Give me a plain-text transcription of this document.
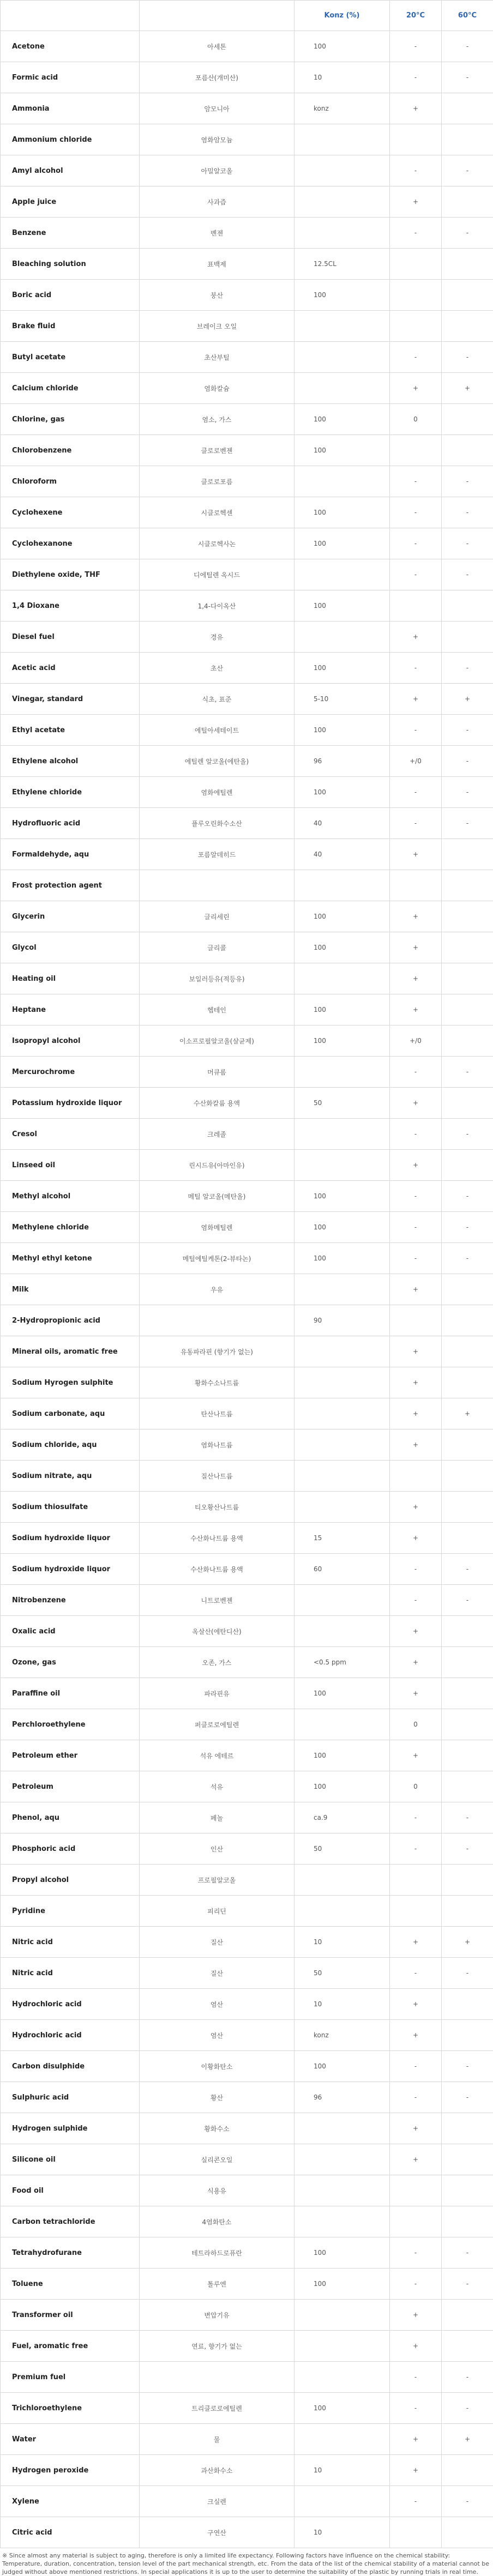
		Konz (%)	20°C	60°C
Acetone	아세톤	100	-	-
Formic acid	포름산(개미산)	10	-	-
Ammonia	암모니아	konz	+	
Ammonium chloride	염화암모늄			
Amyl alcohol	아밀알코올		-	-
Apple juice	사과즙		+	
Benzene	벤젠		-	-
Bleaching solution	표백제	12.5CL		
Boric acid	붕산	100		
Brake fluid	브레이크 오일			
Butyl acetate	초산부틸		-	-
Calcium chloride	염화칼슘		+	+
Chlorine, gas	염소, 가스	100	0	
Chlorobenzene	클로로벤젠	100		
Chloroform	클로로포름		-	-
Cyclohexene	시클로헥센	100	-	-
Cyclohexanone	시클로헥사논	100	-	-
Diethylene oxide, THF	디에틸렌 옥시드		-	-
1,4 Dioxane	1,4-다이옥산	100		
Diesel fuel	경유		+	
Acetic acid	초산	100	-	-
Vinegar, standard	식초, 표준	5-10	+	+
Ethyl acetate	에틸아세테이트	100	-	-
Ethylene alcohol	에틸렌 알코올(에탄올)	96	+/0	-
Ethylene chloride	염화에틸렌	100	-	-
Hydrofluoric acid	플루오린화수소산	40	-	-
Formaldehyde, aqu	포름알데히드	40	+	
Frost protection agent				
Glycerin	글리세린	100	+	
Glycol	글리콜	100	+	
Heating oil	보일러등유(적등유)		+	
Heptane	헵테인	100	+	
Isopropyl alcohol	이소프로필알코올(살균제)	100	+/0	
Mercurochrome	머큐롬		-	-
Potassium hydroxide liquor	수산화칼륨 용액	50	+	
Cresol	크레졸		-	-
Linseed oil	린시드유(아마인유)		+	
Methyl alcohol	메틸 알코올(메탄올)	100	-	-
Methylene chloride	염화메틸렌	100	-	-
Methyl ethyl ketone	메틸에틸케톤(2-뷰타논)	100	-	-
Milk	우유		+	
2-Hydropropionic acid		90		
Mineral oils, aromatic free	유동파라핀 (향기가 없는)		+	
Sodium Hyrogen sulphite	황화수소나트륨		+	
Sodium carbonate, aqu	탄산나트륨		+	+
Sodium chloride, aqu	염화나트륨		+	
Sodium nitrate, aqu	질산나트륨			
Sodium thiosulfate	티오황산나트륨		+	
Sodium hydroxide liquor	수산화나트륨 용액	15	+	
Sodium hydroxide liquor	수산화나트륨 용액	60	-	-
Nitrobenzene	니트로벤젠		-	-
Oxalic acid	옥살산(에탄디산)		+	
Ozone, gas	오존, 가스	<0.5 ppm	+	
Paraffine oil	파라핀유	100	+	
Perchloroethylene	퍼클로로에틸렌		0	
Petroleum ether	석유 에테르	100	+	
Petroleum	석유	100	0	
Phenol, aqu	페놀	ca.9	-	-
Phosphoric acid	인산	50	-	-
Propyl alcohol	프로필알코올			
Pyridine	피리딘			
Nitric acid	질산	10	+	+
Nitric acid	질산	50	-	-
Hydrochloric acid	염산	10	+	
Hydrochloric acid	염산	konz	+	
Carbon disulphide	이황화탄소	100	-	-
Sulphuric acid	황산	96	-	-
Hydrogen sulphide	황화수소		+	
Silicone oil	실리콘오일		+	
Food oil	식용유			
Carbon tetrachloride	4염화탄소			
Tetrahydrofurane	테트라하드로퓨란	100	-	-
Toluene	톨루엔	100	-	-
Transformer oil	변압기유		+	
Fuel, aromatic free	연료, 향기가 없는		+	
Premium fuel			-	-
Trichloroethylene	트리클로로에틸렌	100	-	-
Water	물		+	+
Hydrogen peroxide	과산화수소	10	+	
Xylene	크실렌		-	-
Citric acid	구연산	10		
※ Since almost any material is subject to aging, therefore is only a limited life expectancy. Following factors have influence on the chemical stability: Temperature, duration, concentration, tension level of the part mechanical strength, etc. From the data of the list of the chemical stability of a material cannot be judged without above mentioned restrictions. In special applications it is up to the user to determine the suitability of the plastic by running trials in real time.
